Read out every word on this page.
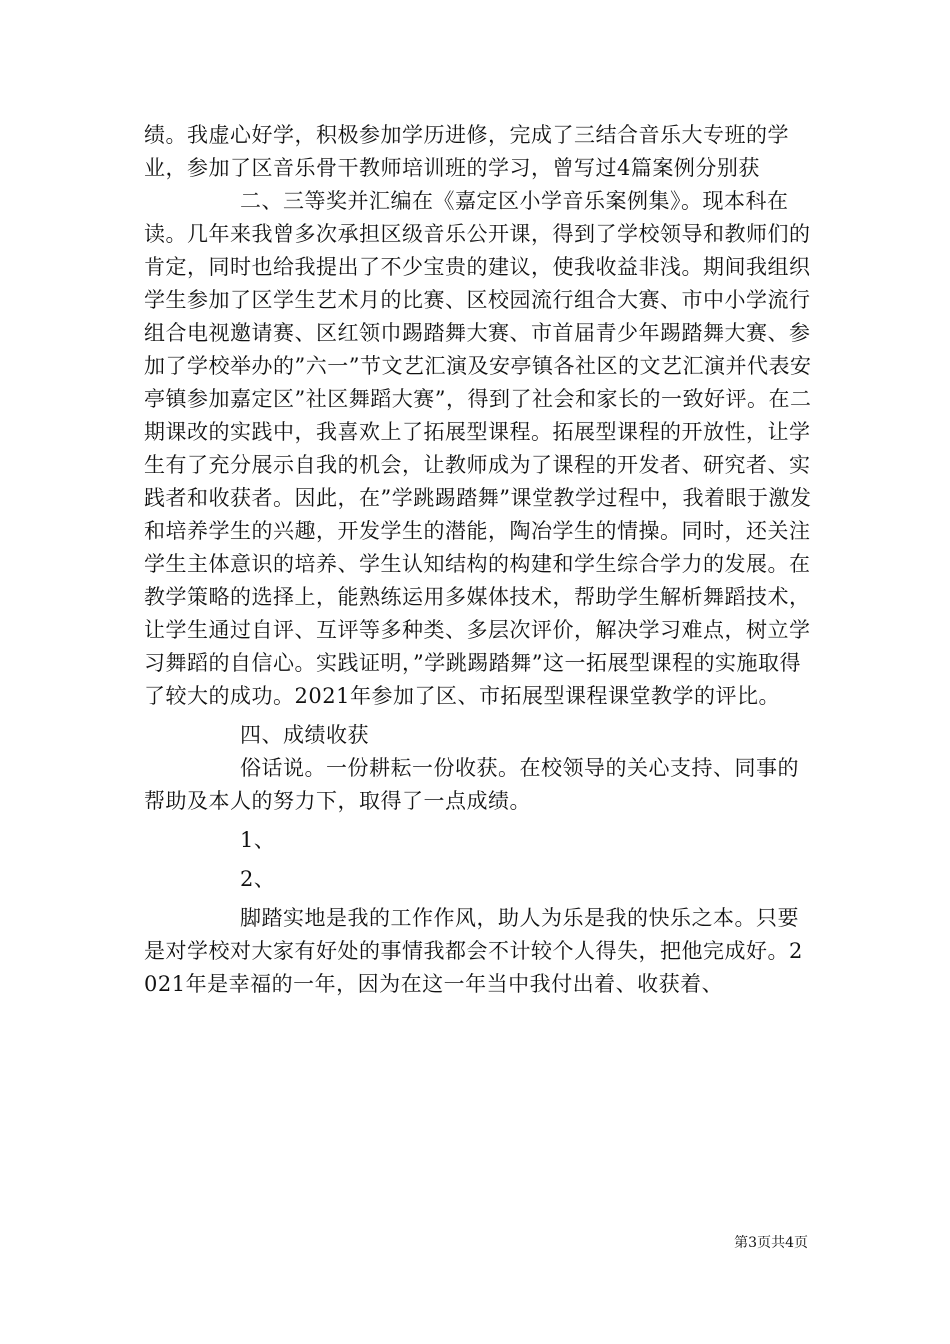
绩。我虚心好学，积极参加学历进修，完成了三结合音乐大专班的学业，参加了区音乐骨干教师培训班的学习，曾写过4篇案例分别获

二、三等奖并汇编在《嘉定区小学音乐案例集》。现本科在读。几年来我曾多次承担区级音乐公开课，得到了学校领导和教师们的肯定，同时也给我提出了不少宝贵的建议，使我收益非浅。期间我组织学生参加了区学生艺术月的比赛、区校园流行组合大赛、市中小学流行组合电视邀请赛、区红领巾踢踏舞大赛、市首届青少年踢踏舞大赛、参加了学校举办的”六一”节文艺汇演及安亭镇各社区的文艺汇演并代表安亭镇参加嘉定区”社区舞蹈大赛”，得到了社会和家长的一致好评。在二期课改的实践中，我喜欢上了拓展型课程。拓展型课程的开放性，让学生有了充分展示自我的机会，让教师成为了课程的开发者、研究者、实践者和收获者。因此，在”学跳踢踏舞”课堂教学过程中，我着眼于激发和培养学生的兴趣，开发学生的潜能，陶冶学生的情操。同时，还关注学生主体意识的培养、学生认知结构的构建和学生综合学力的发展。在教学策略的选择上，能熟练运用多媒体技术，帮助学生解析舞蹈技术，让学生通过自评、互评等多种类、多层次评价，解决学习难点，树立学习舞蹈的自信心。实践证明，”学跳踢踏舞”这一拓展型课程的实施取得了较大的成功。2021年参加了区、市拓展型课程课堂教学的评比。

四、成绩收获

俗话说。一份耕耘一份收获。在校领导的关心支持、同事的帮助及本人的努力下，取得了一点成绩。

1、

2、

脚踏实地是我的工作作风，助人为乐是我的快乐之本。只要是对学校对大家有好处的事情我都会不计较个人得失，把他完成好。2021年是幸福的一年，因为在这一年当中我付出着、收获着、

第3页共4页
